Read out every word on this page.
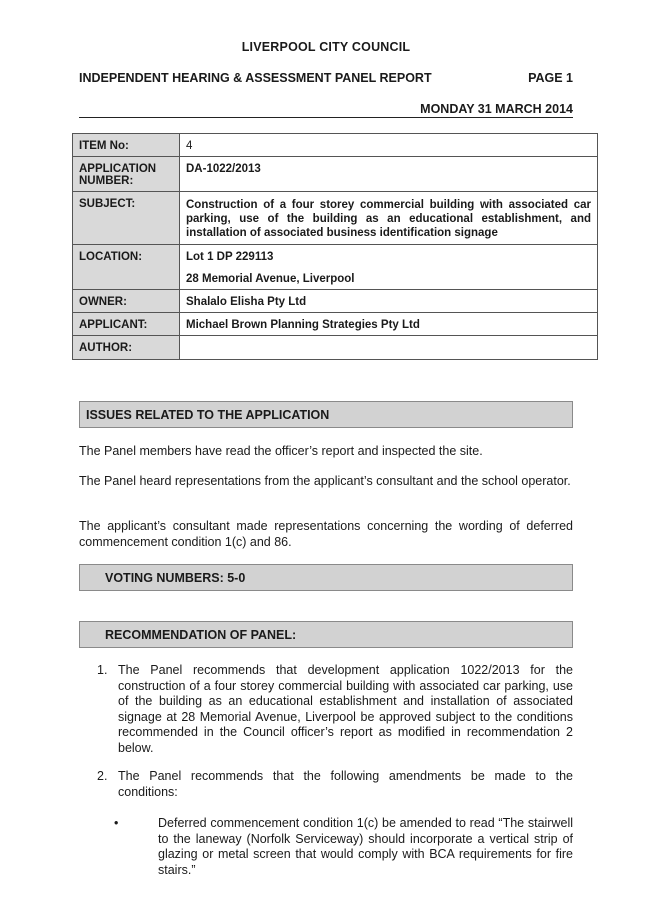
LIVERPOOL CITY COUNCIL
INDEPENDENT HEARING & ASSESSMENT PANEL REPORT	PAGE 1
MONDAY 31 MARCH 2014
ITEM No:	4
APPLICATION NUMBER:	DA-1022/2013
SUBJECT:	Construction of a four storey commercial building with associated car parking, use of the building as an educational establishment, and installation of associated business identification signage
LOCATION:	Lot 1 DP 229113
28 Memorial Avenue, Liverpool

OWNER:	Shalalo Elisha Pty Ltd
APPLICANT:	Michael Brown Planning Strategies Pty Ltd
AUTHOR:	
ISSUES RELATED TO THE APPLICATION
The Panel members have read the officer’s report and inspected the site.
The Panel heard representations from the applicant’s consultant and the school operator.
The applicant’s consultant made representations concerning the wording of deferred commencement condition 1(c) and 86.
VOTING NUMBERS: 5-0
RECOMMENDATION OF PANEL:
1. The Panel recommends that development application 1022/2013 for the construction of a four storey commercial building with associated car parking, use of the building as an educational establishment and installation of associated signage at 28 Memorial Avenue, Liverpool be approved subject to the conditions recommended in the Council officer’s report as modified in recommendation 2 below.
2. The Panel recommends that the following amendments be made to the conditions:
•	Deferred commencement condition 1(c) be amended to read “The stairwell to the laneway (Norfolk Serviceway) should incorporate a vertical strip of glazing or metal screen that would comply with BCA requirements for fire stairs.”
